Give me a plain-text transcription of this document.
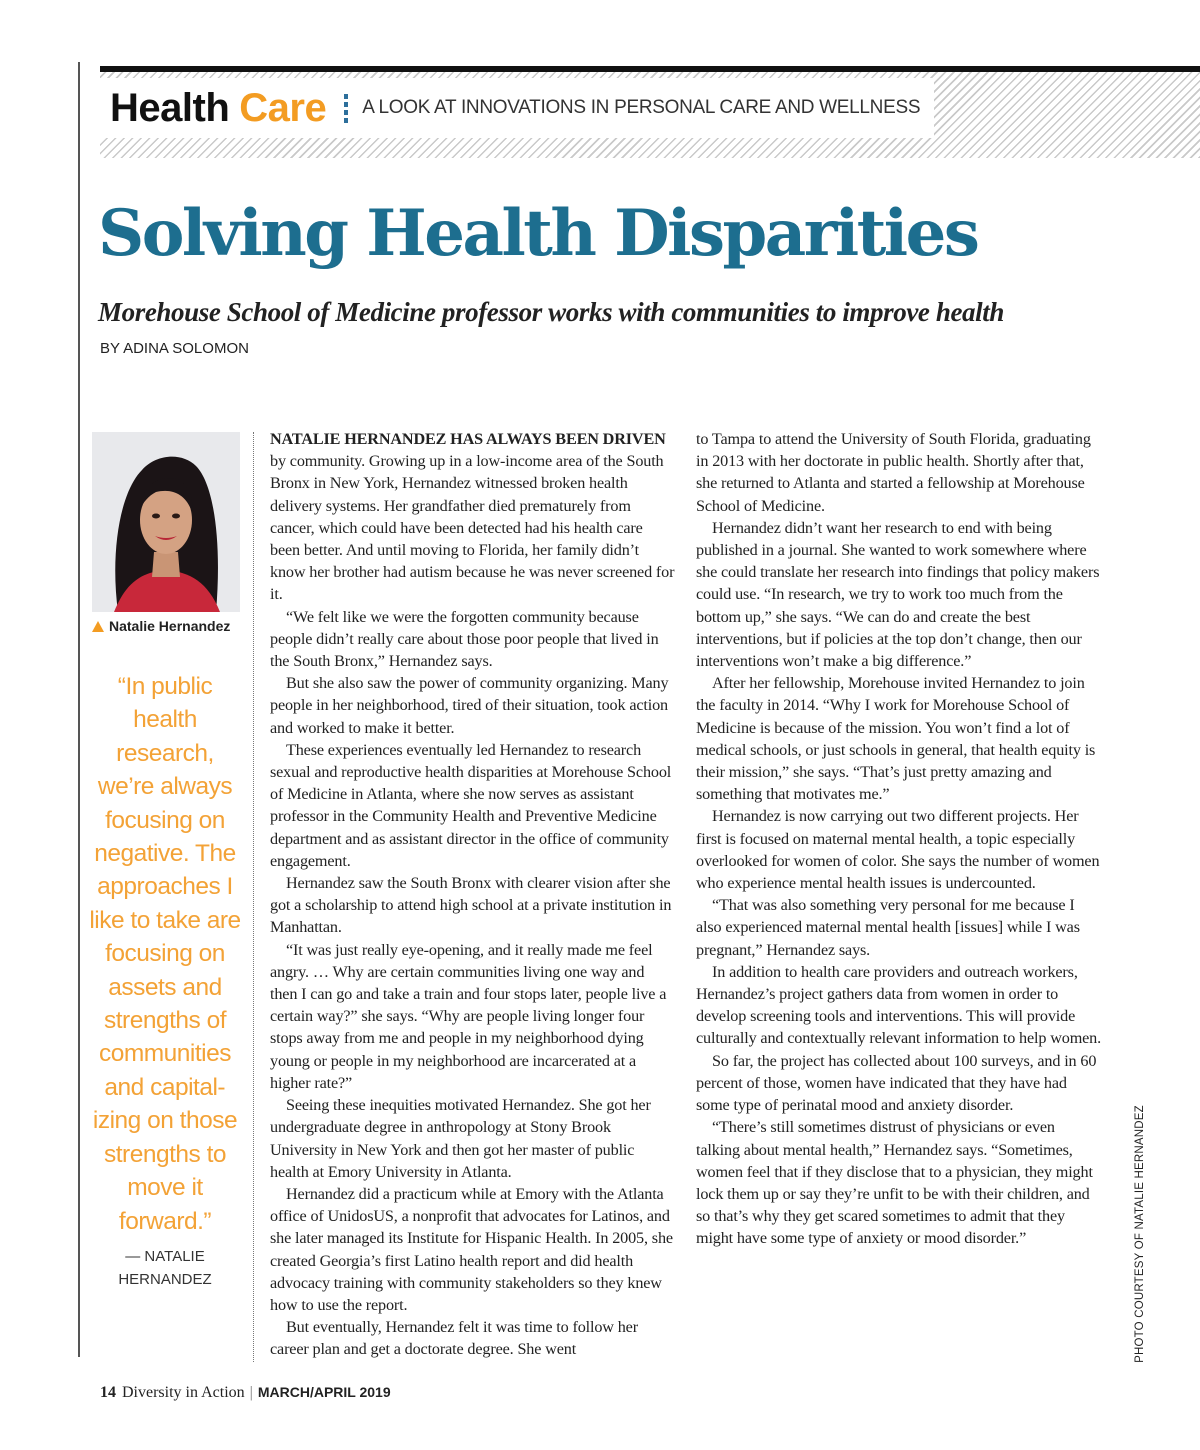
Health Care A LOOK AT INNOVATIONS IN PERSONAL CARE AND WELLNESS
Solving Health Disparities
Morehouse School of Medicine professor works with communities to improve health
BY ADINA SOLOMON
Natalie Hernandez
“In public health research, we’re always focusing on negative. The approaches I like to take are focusing on assets and strengths of communities and capitalizing on those strengths to move it forward.”
— NATALIE HERNANDEZ

NATALIE HERNANDEZ HAS ALWAYS BEEN DRIVEN by community. Growing up in a low-income area of the South Bronx in New York, Hernandez witnessed broken health delivery systems. Her grandfather died prematurely from cancer, which could have been detected had his health care been better. And until moving to Florida, her family didn’t know her brother had autism because he was never screened for it.

“We felt like we were the forgotten community because people didn’t really care about those poor people that lived in the South Bronx,” Hernandez says.

But she also saw the power of community organizing. Many people in her neighborhood, tired of their situation, took action and worked to make it better.

These experiences eventually led Hernandez to research sexual and reproductive health disparities at Morehouse School of Medicine in Atlanta, where she now serves as assistant professor in the Community Health and Preventive Medicine department and as assistant director in the office of community engagement.

Hernandez saw the South Bronx with clearer vision after she got a scholarship to attend high school at a private institution in Manhattan.

“It was just really eye-opening, and it really made me feel angry. … Why are certain communities living one way and then I can go and take a train and four stops later, people live a certain way?” she says. “Why are people living longer four stops away from me and people in my neighborhood dying young or people in my neighborhood are incarcerated at a higher rate?”

Seeing these inequities motivated Hernandez. She got her undergraduate degree in anthropology at Stony Brook University in New York and then got her master of public health at Emory University in Atlanta.

Hernandez did a practicum while at Emory with the Atlanta office of UnidosUS, a nonprofit that advocates for Latinos, and she later managed its Institute for Hispanic Health. In 2005, she created Georgia’s first Latino health report and did health advocacy training with community stakeholders so they knew how to use the report.

But eventually, Hernandez felt it was time to follow her career plan and get a doctorate degree. She went

to Tampa to attend the University of South Florida, graduating in 2013 with her doctorate in public health. Shortly after that, she returned to Atlanta and started a fellowship at Morehouse School of Medicine.

Hernandez didn’t want her research to end with being published in a journal. She wanted to work somewhere where she could translate her research into findings that policy makers could use. “In research, we try to work too much from the bottom up,” she says. “We can do and create the best interventions, but if policies at the top don’t change, then our interventions won’t make a big difference.”

After her fellowship, Morehouse invited Hernandez to join the faculty in 2014. “Why I work for Morehouse School of Medicine is because of the mission. You won’t find a lot of medical schools, or just schools in general, that health equity is their mission,” she says. “That’s just pretty amazing and something that motivates me.”

Hernandez is now carrying out two different projects. Her first is focused on maternal mental health, a topic especially overlooked for women of color. She says the number of women who experience mental health issues is undercounted.

“That was also something very personal for me because I also experienced maternal mental health [issues] while I was pregnant,” Hernandez says.

In addition to health care providers and outreach workers, Hernandez’s project gathers data from women in order to develop screening tools and interventions. This will provide culturally and contextually relevant information to help women.

So far, the project has collected about 100 surveys, and in 60 percent of those, women have indicated that they have had some type of perinatal mood and anxiety disorder.

“There’s still sometimes distrust of physicians or even talking about mental health,” Hernandez says. “Sometimes, women feel that if they disclose that to a physician, they might lock them up or say they’re unfit to be with their children, and so that’s why they get scared sometimes to admit that they might have some type of anxiety or mood disorder.”	PHOTO COURTESY OF NATALIE HERNANDEZ
14 Diversity in Action | MARCH/APRIL 2019
